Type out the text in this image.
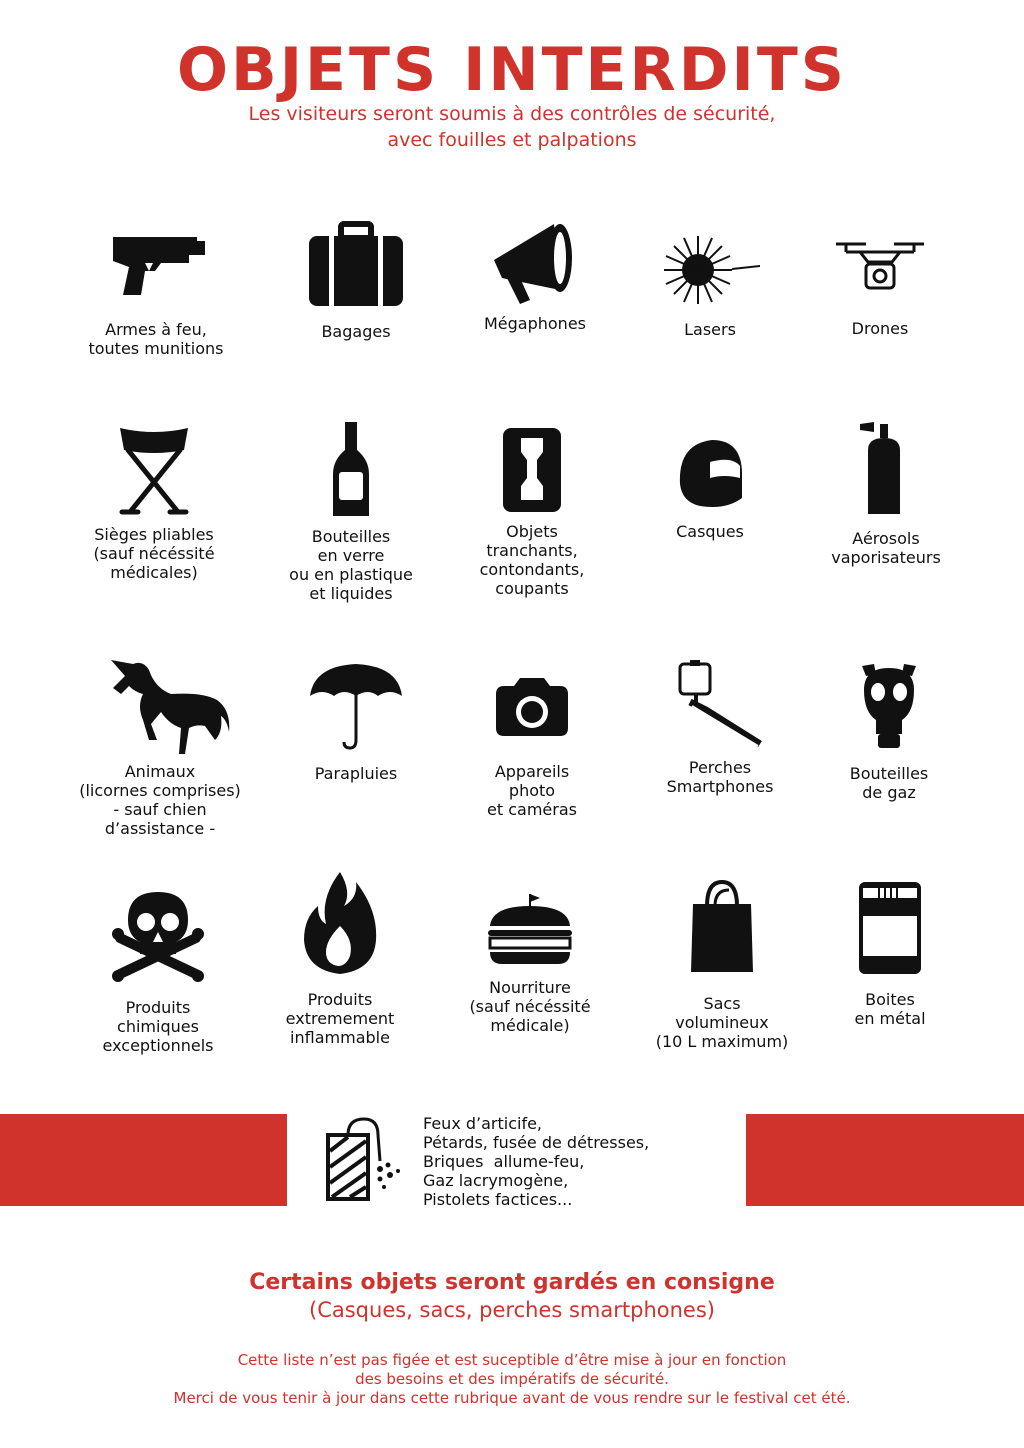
OBJETS INTERDITS
Les visiteurs seront soumis à des contrôles de sécurité,
avec fouilles et palpations
Armes à feu,
toutes munitions
Bagages	Mégaphones	Lasers	Drones
Sièges pliables
(sauf nécéssité
médicales)
Bouteilles
en verre
ou en plastique
et liquides
Objets
tranchants,
contondants,
coupants
Casques	Aérosols
vaporisateurs
Animaux
(licornes comprises)
- sauf chien
d’assistance -
Parapluies	Appareils
photo
et caméras
Perches
Smartphones
Bouteilles
de gaz
Produits
chimiques
exceptionnels
Produits
extremement
inflammable
Nourriture
(sauf nécéssité
médicale)
Sacs
volumineux
(10 L maximum)
Boites
en métal
Feux d’articife,
Pétards, fusée de détresses,
Briques  allume-feu,
Gaz lacrymogène,
Pistolets factices...
Certains objets seront gardés en consigne
(Casques, sacs, perches smartphones)
Cette liste n’est pas figée et est suceptible d’être mise à jour en fonction
des besoins et des impératifs de sécurité.
Merci de vous tenir à jour dans cette rubrique avant de vous rendre sur le festival cet été.
